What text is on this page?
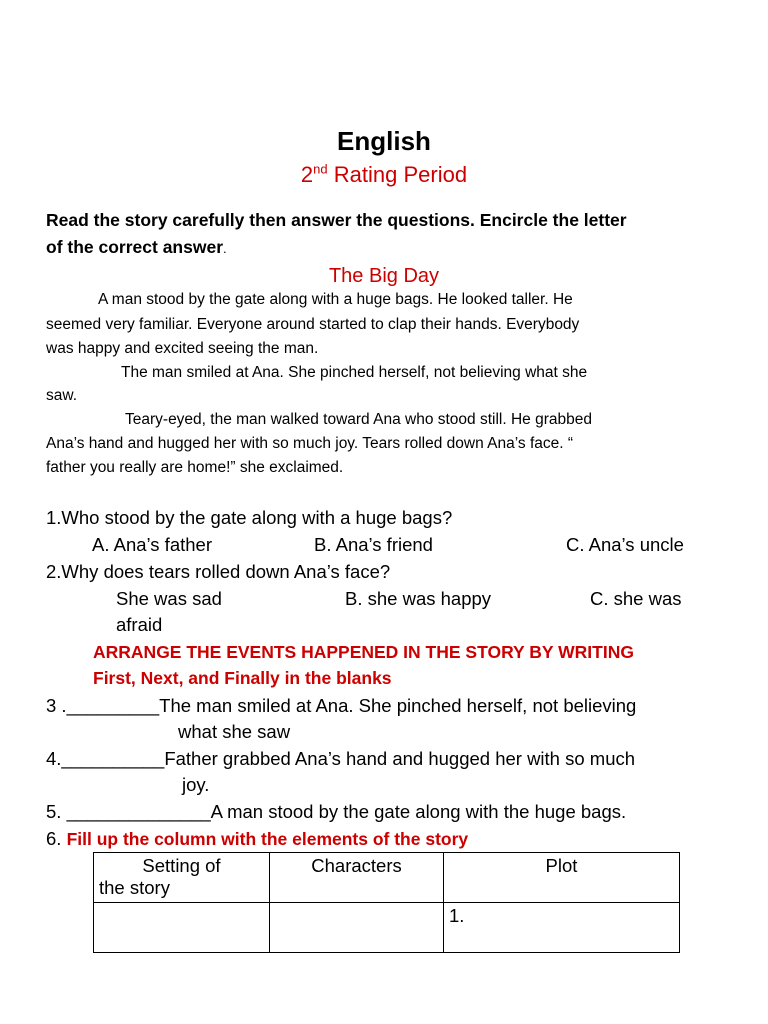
English
2nd Rating Period
Read the story carefully then answer the questions. Encircle the letter
of the correct answer.
The Big Day
A man stood by the gate along with a huge bags. He looked taller. He
seemed very familiar. Everyone around started to clap their hands. Everybody
was happy and excited seeing the man.
The man smiled at Ana. She pinched herself, not believing what she
saw.
Teary-eyed, the man walked toward Ana who stood still. He grabbed
Ana’s hand and hugged her with so much joy. Tears rolled down Ana’s face. “
father you really are home!” she exclaimed.
1.Who stood by the gate along with a huge bags?
A. Ana’s father	B. Ana’s friend	C. Ana’s uncle
2.Why does tears rolled down Ana’s face?
She was sad	B. she was happy	C. she was
afraid
ARRANGE THE EVENTS HAPPENED IN THE STORY BY WRITING
First, Next, and Finally in the blanks
3 ._________The man smiled at Ana. She pinched herself, not believing
what she saw
4.__________Father grabbed Ana’s hand and hugged her with so much
joy.
5. ______________A man stood by the gate along with the huge bags.
6. Fill up the column with the elements of the story
Setting of
the story	Characters	Plot
		1.
